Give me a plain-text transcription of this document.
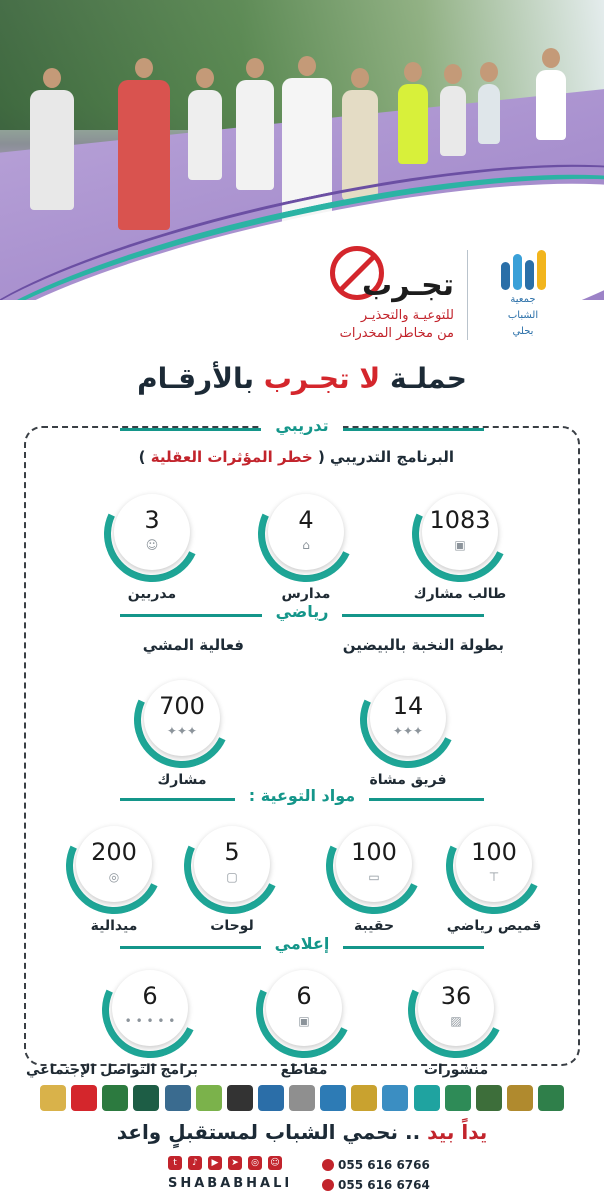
جمعية
الشباب
بحلي
تجـرب
للتوعيـة والتحذيـر
من مخاطر المخدرات
حملـة لا تجـرب بالأرقـام
تدريبي
البرنامج التدريبي ( خطر المؤثرات العقلية )
1083
▣
طالب مشارك
4
⌂
مدارس
3
☺
مدربين
رياضي
بطولة النخبة بالبيضين
فعالية المشي
14
✦✦✦
فريق مشاة
700
✦✦✦
مشارك
مواد التوعية :
100
⊤
قميص رياضي
100
▭
حقيبة
5
▢
لوحات
200
◎
ميدالية
إعلامي
36
▨
منشورات
6
▣
مقاطع
6
• • • • •
برامج التواصل الإجتماعي
يداً بيد .. نحمي الشباب لمستقبلٍ واعد
t	♪	▶	➤	◎	☺
SHABABHALI
055 616 6766
055 616 6764
